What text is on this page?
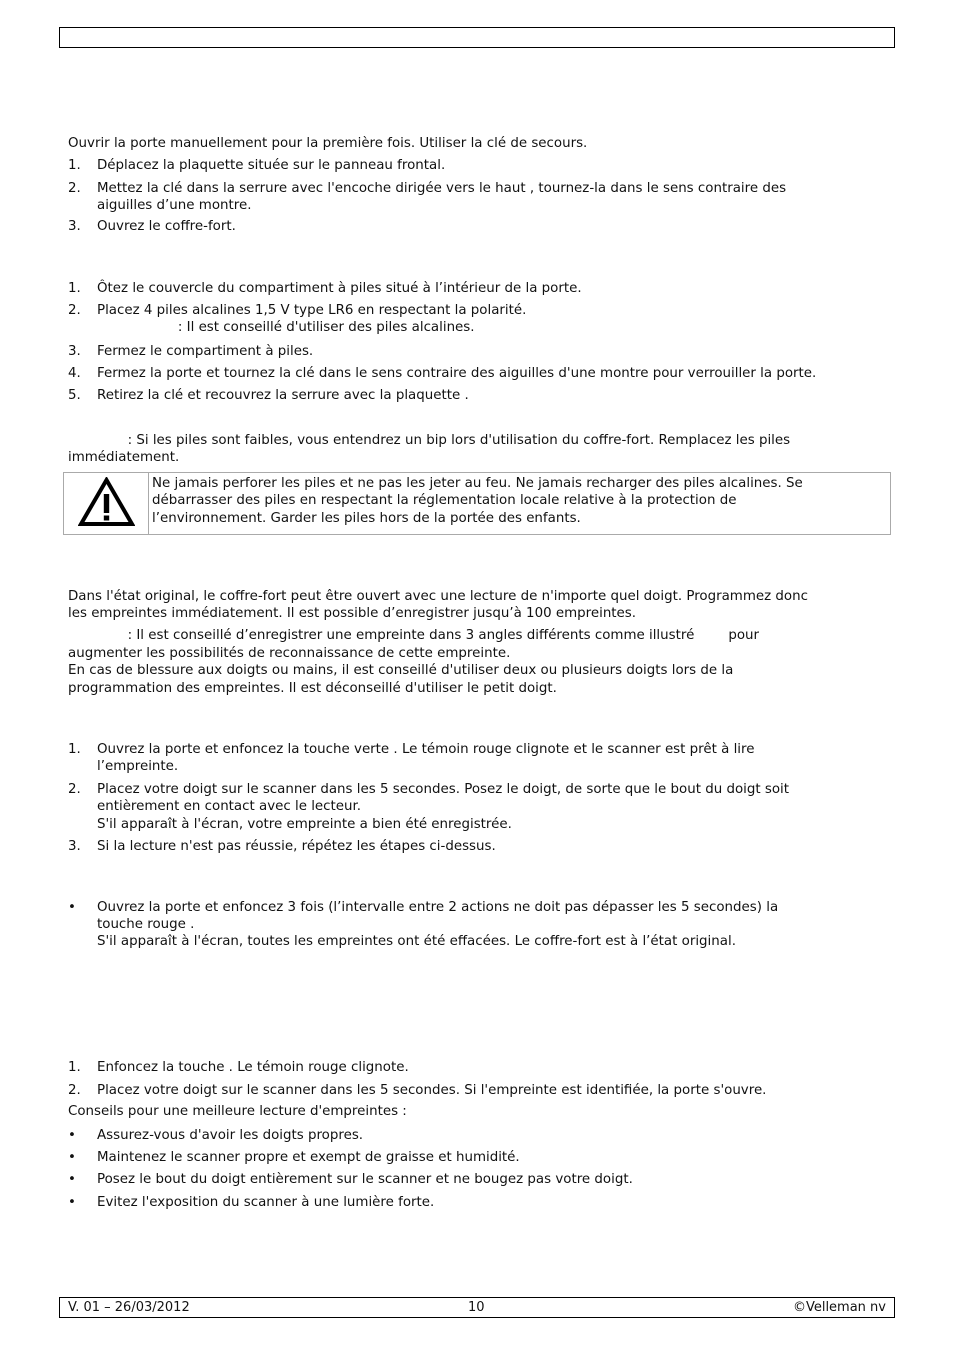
Ouvrir la porte manuellement pour la première fois. Utiliser la clé de secours.
1.	Déplacez la plaquette située sur le panneau frontal.
2.	Mettez la clé dans la serrure avec l'encoche dirigée vers le haut , tournez-la dans le sens contraire des
aiguilles d’une montre.
3.	Ouvrez le coffre-fort.
1.	Ôtez le couvercle du compartiment à piles situé à l’intérieur de la porte.
2.	Placez 4 piles alcalines 1,5 V type LR6 en respectant la polarité.
: Il est conseillé d'utiliser des piles alcalines.
3.	Fermez le compartiment à piles.
4.	Fermez la porte et tournez la clé dans le sens contraire des aiguilles d'une montre pour verrouiller la porte.
5.	Retirez la clé et recouvrez la serrure avec la plaquette .
: Si les piles sont faibles, vous entendrez un bip lors d'utilisation du coffre-fort. Remplacez les piles
immédiatement.
Ne jamais perforer les piles et ne pas les jeter au feu. Ne jamais recharger des piles alcalines. Se
débarrasser des piles en respectant la réglementation locale relative à la protection de
l’environnement. Garder les piles hors de la portée des enfants.
Dans l'état original, le coffre-fort peut être ouvert avec une lecture de n'importe quel doigt. Programmez donc
les empreintes immédiatement. Il est possible d’enregistrer jusqu’à 100 empreintes.
: Il est conseillé d’enregistrer une empreinte dans 3 angles différents comme illustré        pour
augmenter les possibilités de reconnaissance de cette empreinte.
En cas de blessure aux doigts ou mains, il est conseillé d'utiliser deux ou plusieurs doigts lors de la
programmation des empreintes. Il est déconseillé d'utiliser le petit doigt.
1.	Ouvrez la porte et enfoncez la touche verte . Le témoin rouge clignote et le scanner est prêt à lire
l’empreinte.
2.	Placez votre doigt sur le scanner dans les 5 secondes. Posez le doigt, de sorte que le bout du doigt soit
entièrement en contact avec le lecteur.
S'il apparaît à l'écran, votre empreinte a bien été enregistrée.
3.	Si la lecture n'est pas réussie, répétez les étapes ci-dessus.
• Ouvrez la porte et enfoncez 3 fois (l’intervalle entre 2 actions ne doit pas dépasser les 5 secondes) la
touche rouge .
S'il apparaît à l'écran, toutes les empreintes ont été effacées. Le coffre-fort est à l’état original.
1.	Enfoncez la touche . Le témoin rouge clignote.
2.	Placez votre doigt sur le scanner dans les 5 secondes. Si l'empreinte est identifiée, la porte s'ouvre.
Conseils pour une meilleure lecture d'empreintes :
• Assurez-vous d'avoir les doigts propres.
• Maintenez le scanner propre et exempt de graisse et humidité.
• Posez le bout du doigt entièrement sur le scanner et ne bougez pas votre doigt.
• Evitez l'exposition du scanner à une lumière forte.
V. 01 – 26/03/2012	10	©Velleman nv
